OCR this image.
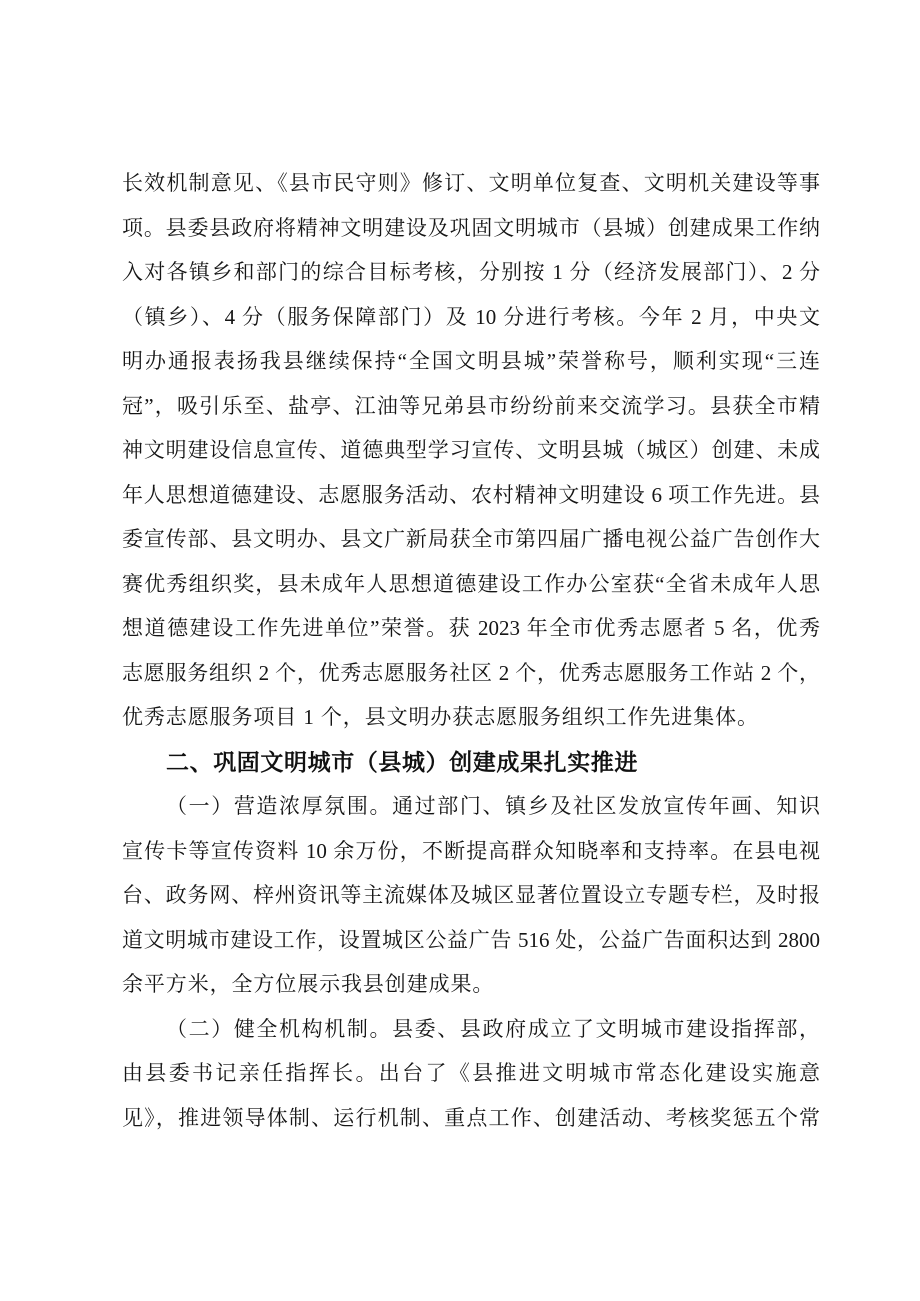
长效机制意见、《县市民守则》修订、文明单位复查、文明机关建设等事
项。县委县政府将精神文明建设及巩固文明城市（县城）创建成果工作纳
入对各镇乡和部门的综合目标考核，分别按 1 分（经济发展部门）、2 分
（镇乡）、4 分（服务保障部门）及 10 分进行考核。今年 2 月，中央文
明办通报表扬我县继续保持“全国文明县城”荣誉称号，顺利实现“三连
冠”，吸引乐至、盐亭、江油等兄弟县市纷纷前来交流学习。县获全市精
神文明建设信息宣传、道德典型学习宣传、文明县城（城区）创建、未成
年人思想道德建设、志愿服务活动、农村精神文明建设 6 项工作先进。县
委宣传部、县文明办、县文广新局获全市第四届广播电视公益广告创作大
赛优秀组织奖，县未成年人思想道德建设工作办公室获“全省未成年人思
想道德建设工作先进单位”荣誉。获 2023 年全市优秀志愿者 5 名，优秀
志愿服务组织 2 个，优秀志愿服务社区 2 个，优秀志愿服务工作站 2 个，
优秀志愿服务项目 1 个，县文明办获志愿服务组织工作先进集体。
二、巩固文明城市（县城）创建成果扎实推进
（一）营造浓厚氛围。通过部门、镇乡及社区发放宣传年画、知识
宣传卡等宣传资料 10 余万份，不断提高群众知晓率和支持率。在县电视
台、政务网、梓州资讯等主流媒体及城区显著位置设立专题专栏，及时报
道文明城市建设工作，设置城区公益广告 516 处，公益广告面积达到 2800
余平方米，全方位展示我县创建成果。
（二）健全机构机制。县委、县政府成立了文明城市建设指挥部，
由县委书记亲任指挥长。出台了《县推进文明城市常态化建设实施意
见》，推进领导体制、运行机制、重点工作、创建活动、考核奖惩五个常
